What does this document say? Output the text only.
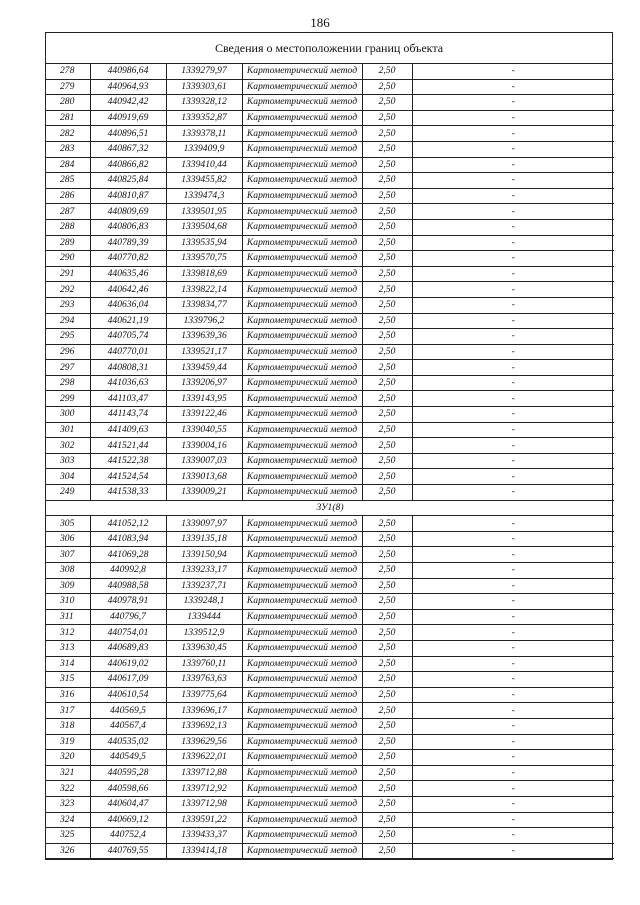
186
Сведения о местоположении границ объекта
278	440986,64	1339279,97	Картометрический метод	2,50	-
279	440964,93	1339303,61	Картометрический метод	2,50	-
280	440942,42	1339328,12	Картометрический метод	2,50	-
281	440919,69	1339352,87	Картометрический метод	2,50	-
282	440896,51	1339378,11	Картометрический метод	2,50	-
283	440867,32	1339409,9	Картометрический метод	2,50	-
284	440866,82	1339410,44	Картометрический метод	2,50	-
285	440825,84	1339455,82	Картометрический метод	2,50	-
286	440810,87	1339474,3	Картометрический метод	2,50	-
287	440809,69	1339501,95	Картометрический метод	2,50	-
288	440806,83	1339504,68	Картометрический метод	2,50	-
289	440789,39	1339535,94	Картометрический метод	2,50	-
290	440770,82	1339570,75	Картометрический метод	2,50	-
291	440635,46	1339818,69	Картометрический метод	2,50	-
292	440642,46	1339822,14	Картометрический метод	2,50	-
293	440636,04	1339834,77	Картометрический метод	2,50	-
294	440621,19	1339796,2	Картометрический метод	2,50	-
295	440705,74	1339639,36	Картометрический метод	2,50	-
296	440770,01	1339521,17	Картометрический метод	2,50	-
297	440808,31	1339459,44	Картометрический метод	2,50	-
298	441036,63	1339206,97	Картометрический метод	2,50	-
299	441103,47	1339143,95	Картометрический метод	2,50	-
300	441143,74	1339122,46	Картометрический метод	2,50	-
301	441409,63	1339040,55	Картометрический метод	2,50	-
302	441521,44	1339004,16	Картометрический метод	2,50	-
303	441522,38	1339007,03	Картометрический метод	2,50	-
304	441524,54	1339013,68	Картометрический метод	2,50	-
249	441538,33	1339009,21	Картометрический метод	2,50	-
ЗУ1(8)					
305	441052,12	1339097,97	Картометрический метод	2,50	-
306	441083,94	1339135,18	Картометрический метод	2,50	-
307	441069,28	1339150,94	Картометрический метод	2,50	-
308	440992,8	1339233,17	Картометрический метод	2,50	-
309	440988,58	1339237,71	Картометрический метод	2,50	-
310	440978,91	1339248,1	Картометрический метод	2,50	-
311	440796,7	1339444	Картометрический метод	2,50	-
312	440754,01	1339512,9	Картометрический метод	2,50	-
313	440689,83	1339630,45	Картометрический метод	2,50	-
314	440619,02	1339760,11	Картометрический метод	2,50	-
315	440617,09	1339763,63	Картометрический метод	2,50	-
316	440610,54	1339775,64	Картометрический метод	2,50	-
317	440569,5	1339696,17	Картометрический метод	2,50	-
318	440567,4	1339692,13	Картометрический метод	2,50	-
319	440535,02	1339629,56	Картометрический метод	2,50	-
320	440549,5	1339622,01	Картометрический метод	2,50	-
321	440595,28	1339712,88	Картометрический метод	2,50	-
322	440598,66	1339712,92	Картометрический метод	2,50	-
323	440604,47	1339712,98	Картометрический метод	2,50	-
324	440669,12	1339591,22	Картометрический метод	2,50	-
325	440752,4	1339433,37	Картометрический метод	2,50	-
326	440769,55	1339414,18	Картометрический метод	2,50	-
